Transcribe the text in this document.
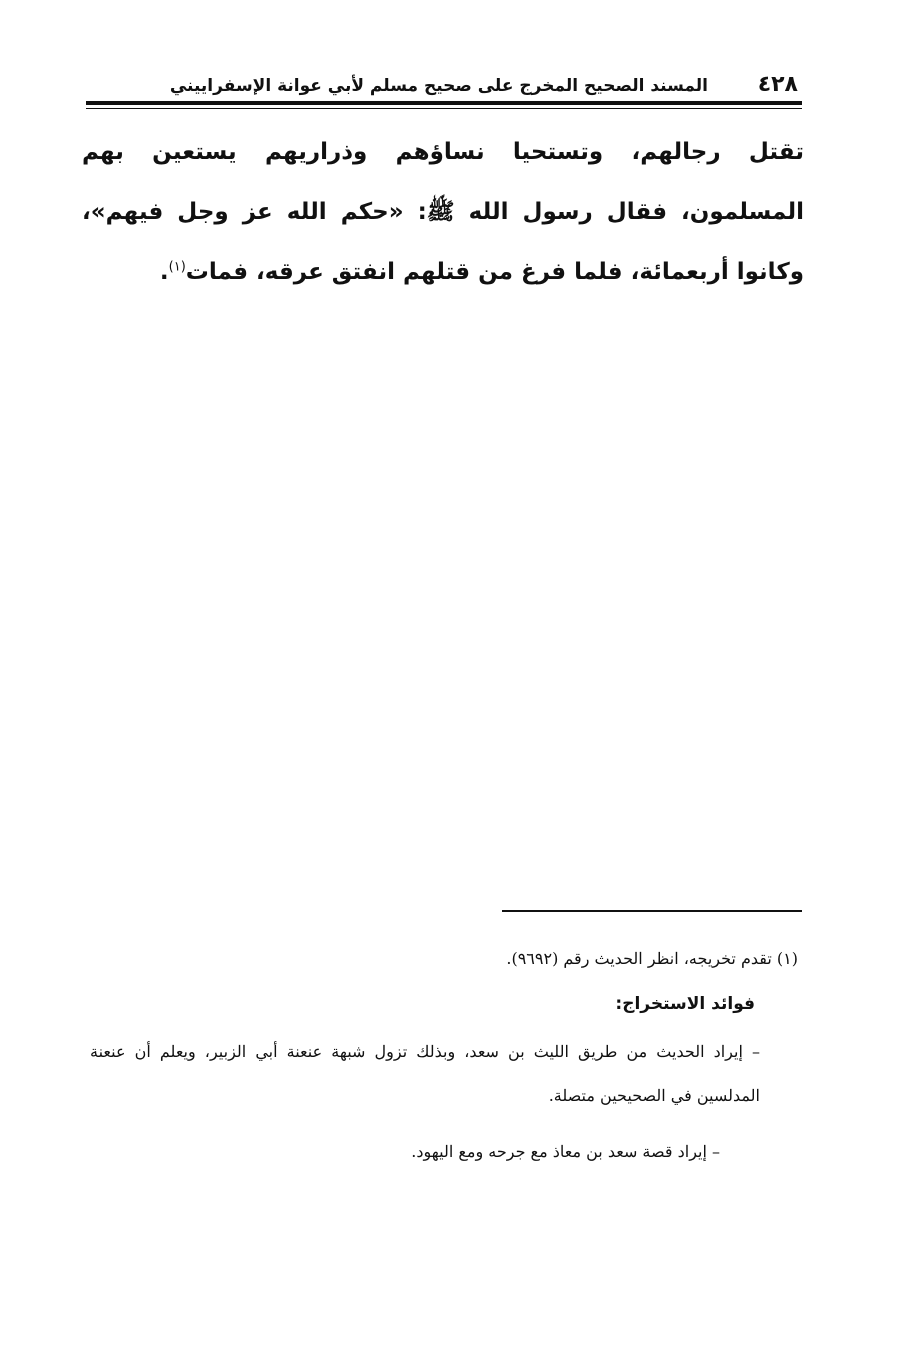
٤٢٨
المسند الصحيح المخرج على صحيح مسلم لأبي عوانة الإسفراييني

تقتل رجالهم، وتستحيا نساؤهم وذراريهم يستعين بهم المسلمون، فقال رسول الله ﷺ: «حكم الله عز وجل فيهم»، وكانوا أربعمائة، فلما فرغ من قتلهم انفتق عرقه، فمات$^{(١)}$.

(١) تقدم تخريجه، انظر الحديث رقم (٩٦٩٢).
فوائد الاستخراج:
– إيراد الحديث من طريق الليث بن سعد، وبذلك تزول شبهة عنعنة أبي الزبير، ويعلم أن عنعنة المدلسين في الصحيحين متصلة.
– إيراد قصة سعد بن معاذ مع جرحه ومع اليهود.
